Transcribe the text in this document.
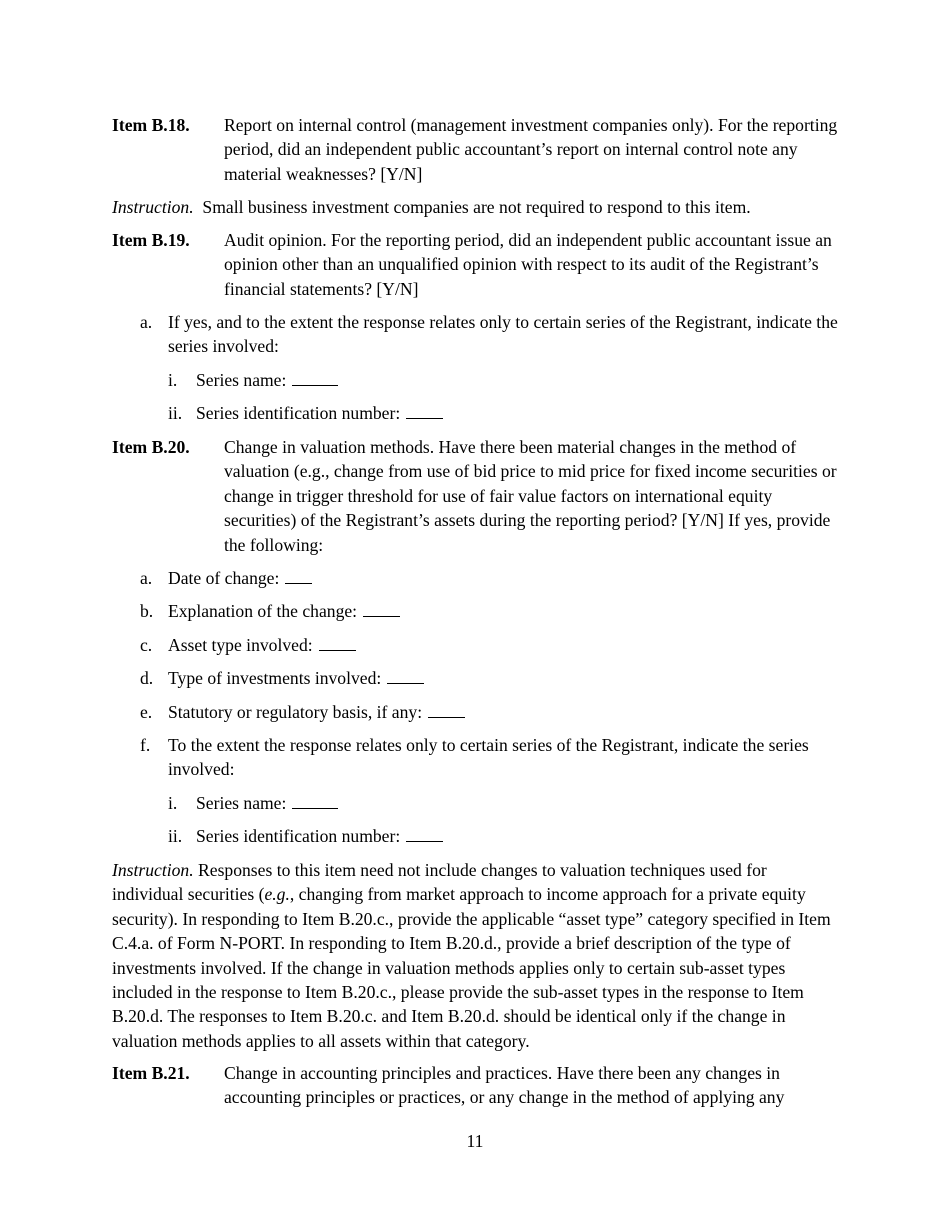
Item B.18. Report on internal control (management investment companies only). For the reporting period, did an independent public accountant’s report on internal control note any material weaknesses? [Y/N]
Instruction.  Small business investment companies are not required to respond to this item.
Item B.19. Audit opinion. For the reporting period, did an independent public accountant issue an opinion other than an unqualified opinion with respect to its audit of the Registrant’s financial statements? [Y/N]
a. If yes, and to the extent the response relates only to certain series of the Registrant, indicate the series involved:
i. Series name:
ii. Series identification number:
Item B.20. Change in valuation methods. Have there been material changes in the method of valuation (e.g., change from use of bid price to mid price for fixed income securities or change in trigger threshold for use of fair value factors on international equity securities) of the Registrant’s assets during the reporting period? [Y/N] If yes, provide the following:
a. Date of change:
b. Explanation of the change:
c. Asset type involved:
d. Type of investments involved:
e. Statutory or regulatory basis, if any:
f. To the extent the response relates only to certain series of the Registrant, indicate the series involved:
i. Series name:
ii. Series identification number:
Instruction. Responses to this item need not include changes to valuation techniques used for individual securities (e.g., changing from market approach to income approach for a private equity security). In responding to Item B.20.c., provide the applicable “asset type” category specified in Item C.4.a. of Form N-PORT. In responding to Item B.20.d., provide a brief description of the type of investments involved. If the change in valuation methods applies only to certain sub-asset types included in the response to Item B.20.c., please provide the sub-asset types in the response to Item B.20.d. The responses to Item B.20.c. and Item B.20.d. should be identical only if the change in valuation methods applies to all assets within that category.
Item B.21. Change in accounting principles and practices. Have there been any changes in accounting principles or practices, or any change in the method of applying any
11
